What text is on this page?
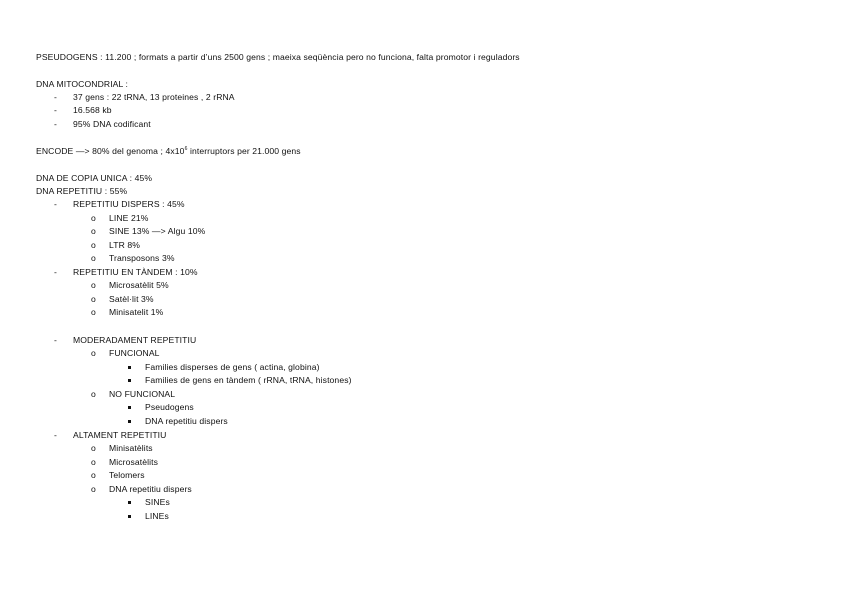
PSEUDOGENS : 11.200 ; formats a partir d’uns 2500 gens ; maeixa seqüència pero no funciona, falta promotor i reguladors
DNA MITOCONDRIAL :
- 37 gens : 22 tRNA, 13 proteines , 2 rRNA
- 16.568 kb
- 95% DNA codificant
ENCODE —> 80% del genoma ; $4x10^6$ interruptors per 21.000 gens
DNA DE COPIA UNICA : 45%
DNA REPETITIU : 55%
- REPETITIU DISPERS : 45%
o LINE 21%
o SINE 13% —> Algu 10%
o LTR 8%
o Transposons 3%
- REPETITIU EN TÀNDEM : 10%
o Microsatèlit 5%
o Satèl·lit 3%
o Minisatelit 1%
- MODERADAMENT REPETITIU
o FUNCIONAL
Families disperses de gens ( actina, globina)
Families de gens en tàndem ( rRNA, tRNA, histones)
o NO FUNCIONAL
Pseudogens
DNA repetitiu dispers
- ALTAMENT REPETITIU
o Minisatèlits
o Microsatèlits
o Telomers
o DNA repetitiu dispers
SINEs
LINEs
